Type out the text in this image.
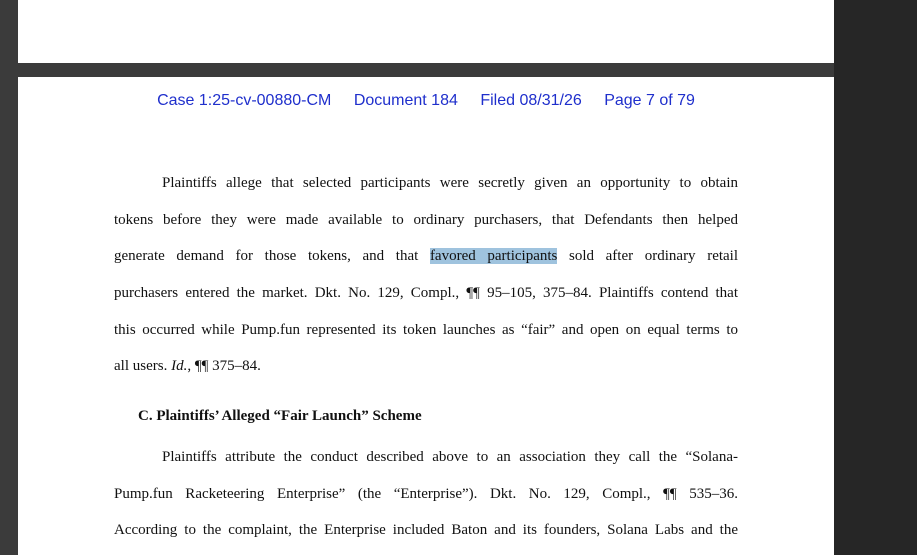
Case 1:25-cv-00880-CM Document 184 Filed 08/31/26 Page 7 of 79
Plaintiffs allege that selected participants were secretly given an opportunity to obtain
tokens before they were made available to ordinary purchasers, that Defendants then helped
generate demand for those tokens, and that favored participants sold after ordinary retail
purchasers entered the market. Dkt. No. 129, Compl., ¶¶ 95–105, 375–84. Plaintiffs contend that
this occurred while Pump.fun represented its token launches as “fair” and open on equal terms to
all users. Id., ¶¶ 375–84.
C. Plaintiffs’ Alleged “Fair Launch” Scheme
Plaintiffs attribute the conduct described above to an association they call the “Solana-
Pump.fun Racketeering Enterprise” (the “Enterprise”). Dkt. No. 129, Compl., ¶¶ 535–36.
According to the complaint, the Enterprise included Baton and its founders, Solana Labs and the
